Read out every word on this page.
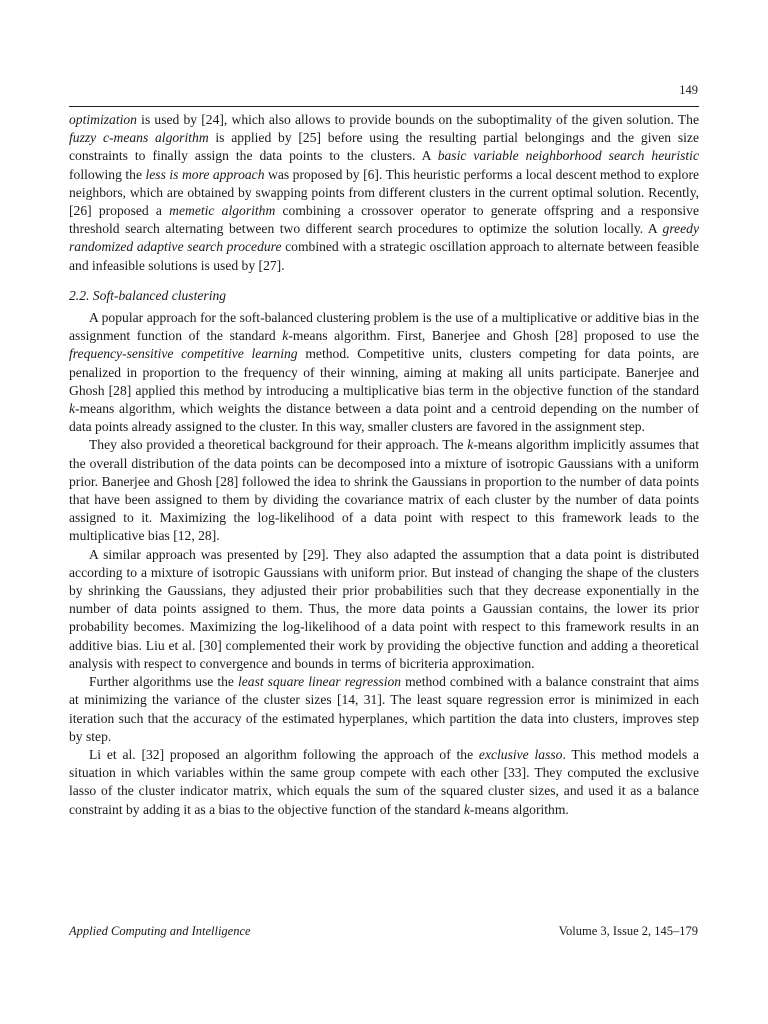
149

optimization is used by [24], which also allows to provide bounds on the suboptimality of the given solution. The fuzzy c-means algorithm is applied by [25] before using the resulting partial belongings and the given size constraints to finally assign the data points to the clusters. A basic variable neighborhood search heuristic following the less is more approach was proposed by [6]. This heuristic performs a local descent method to explore neighbors, which are obtained by swapping points from different clusters in the current optimal solution. Recently, [26] proposed a memetic algorithm combining a crossover operator to generate offspring and a responsive threshold search alternating between two different search procedures to optimize the solution locally. A greedy randomized adaptive search procedure combined with a strategic oscillation approach to alternate between feasible and infeasible solutions is used by [27].

2.2. Soft-balanced clustering

A popular approach for the soft-balanced clustering problem is the use of a multiplicative or additive bias in the assignment function of the standard k-means algorithm. First, Banerjee and Ghosh [28] proposed to use the frequency-sensitive competitive learning method. Competitive units, clusters competing for data points, are penalized in proportion to the frequency of their winning, aiming at making all units participate. Banerjee and Ghosh [28] applied this method by introducing a multiplicative bias term in the objective function of the standard k-means algorithm, which weights the distance between a data point and a centroid depending on the number of data points already assigned to the cluster. In this way, smaller clusters are favored in the assignment step.

They also provided a theoretical background for their approach. The k-means algorithm implicitly assumes that the overall distribution of the data points can be decomposed into a mixture of isotropic Gaussians with a uniform prior. Banerjee and Ghosh [28] followed the idea to shrink the Gaussians in proportion to the number of data points that have been assigned to them by dividing the covariance matrix of each cluster by the number of data points assigned to it. Maximizing the log-likelihood of a data point with respect to this framework leads to the multiplicative bias [12, 28].

A similar approach was presented by [29]. They also adapted the assumption that a data point is distributed according to a mixture of isotropic Gaussians with uniform prior. But instead of changing the shape of the clusters by shrinking the Gaussians, they adjusted their prior probabilities such that they decrease exponentially in the number of data points assigned to them. Thus, the more data points a Gaussian contains, the lower its prior probability becomes. Maximizing the log-likelihood of a data point with respect to this framework results in an additive bias. Liu et al. [30] complemented their work by providing the objective function and adding a theoretical analysis with respect to convergence and bounds in terms of bicriteria approximation.

Further algorithms use the least square linear regression method combined with a balance constraint that aims at minimizing the variance of the cluster sizes [14, 31]. The least square regression error is minimized in each iteration such that the accuracy of the estimated hyperplanes, which partition the data into clusters, improves step by step.

Li et al. [32] proposed an algorithm following the approach of the exclusive lasso. This method models a situation in which variables within the same group compete with each other [33]. They computed the exclusive lasso of the cluster indicator matrix, which equals the sum of the squared cluster sizes, and used it as a balance constraint by adding it as a bias to the objective function of the standard k-means algorithm.

Applied Computing and Intelligence	Volume 3, Issue 2, 145–179
